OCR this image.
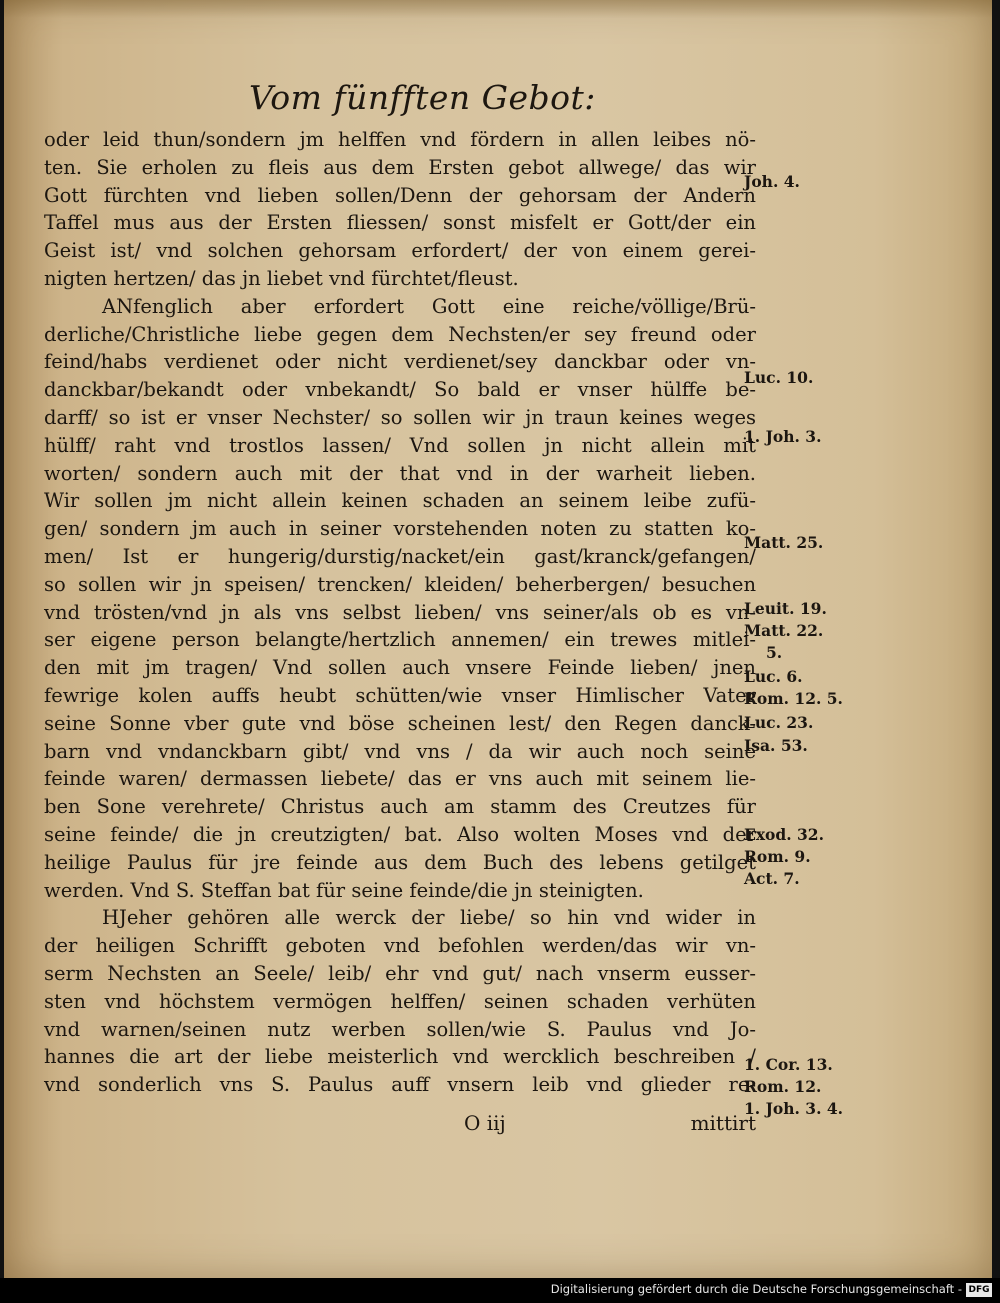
Vom fünfften Gebot:
oder leid thun/sondern jm helffen vnd fördern in allen leibes nö-
ten. Sie erholen zu fleis aus dem Ersten gebot allwege/ das wir
Gott fürchten vnd lieben sollen/Denn der gehorsam der Andern
Taffel mus aus der Ersten fliessen/ sonst misfelt er Gott/der ein
Geist ist/ vnd solchen gehorsam erfordert/ der von einem gerei-
nigten hertzen/ das jn liebet vnd fürchtet/fleust.
ANfenglich aber erfordert Gott eine reiche/völlige/Brü-
derliche/Christliche liebe gegen dem Nechsten/er sey freund oder
feind/habs verdienet oder nicht verdienet/sey danckbar oder vn-
danckbar/bekandt oder vnbekandt/ So bald er vnser hülffe be-
darff/ so ist er vnser Nechster/ so sollen wir jn traun keines weges
hülff/ raht vnd trostlos lassen/ Vnd sollen jn nicht allein mit
worten/ sondern auch mit der that vnd in der warheit lieben.
Wir sollen jm nicht allein keinen schaden an seinem leibe zufü-
gen/ sondern jm auch in seiner vorstehenden noten zu statten ko-
men/ Ist er hungerig/durstig/nacket/ein gast/kranck/gefangen/
so sollen wir jn speisen/ trencken/ kleiden/ beherbergen/ besuchen
vnd trösten/vnd jn als vns selbst lieben/ vns seiner/als ob es vn-
ser eigene person belangte/hertzlich annemen/ ein trewes mitlei-
den mit jm tragen/ Vnd sollen auch vnsere Feinde lieben/ jnen
fewrige kolen auffs heubt schütten/wie vnser Himlischer Vater
seine Sonne vber gute vnd böse scheinen lest/ den Regen danck-
barn vnd vndanckbarn gibt/ vnd vns / da wir auch noch seine
feinde waren/ dermassen liebete/ das er vns auch mit seinem lie-
ben Sone verehrete/ Christus auch am stamm des Creutzes für
seine feinde/ die jn creutzigten/ bat. Also wolten Moses vnd der
heilige Paulus für jre feinde aus dem Buch des lebens getilget
werden. Vnd S. Steffan bat für seine feinde/die jn steinigten.
HJeher gehören alle werck der liebe/ so hin vnd wider in
der heiligen Schrifft geboten vnd befohlen werden/das wir vn-
serm Nechsten an Seele/ leib/ ehr vnd gut/ nach vnserm eusser-
sten vnd höchstem vermögen helffen/ seinen schaden verhüten
vnd warnen/seinen nutz werben sollen/wie S. Paulus vnd Jo-
hannes die art der liebe meisterlich vnd wercklich beschreiben /
vnd sonderlich vns S. Paulus auff vnsern leib vnd glieder re-
O iij	mittirt
Joh. 4.
Luc. 10.
1. Joh. 3.
Matt. 25.
Leuit. 19.
Matt. 22.
5.
Luc. 6.
Rom. 12. 5.
Luc. 23.
Isa. 53.
Exod. 32.
Rom. 9.
Act. 7.
1. Cor. 13.
Rom. 12.
1. Joh. 3. 4.
Digitalisierung gefördert durch die Deutsche Forschungsgemeinschaft - DFG
